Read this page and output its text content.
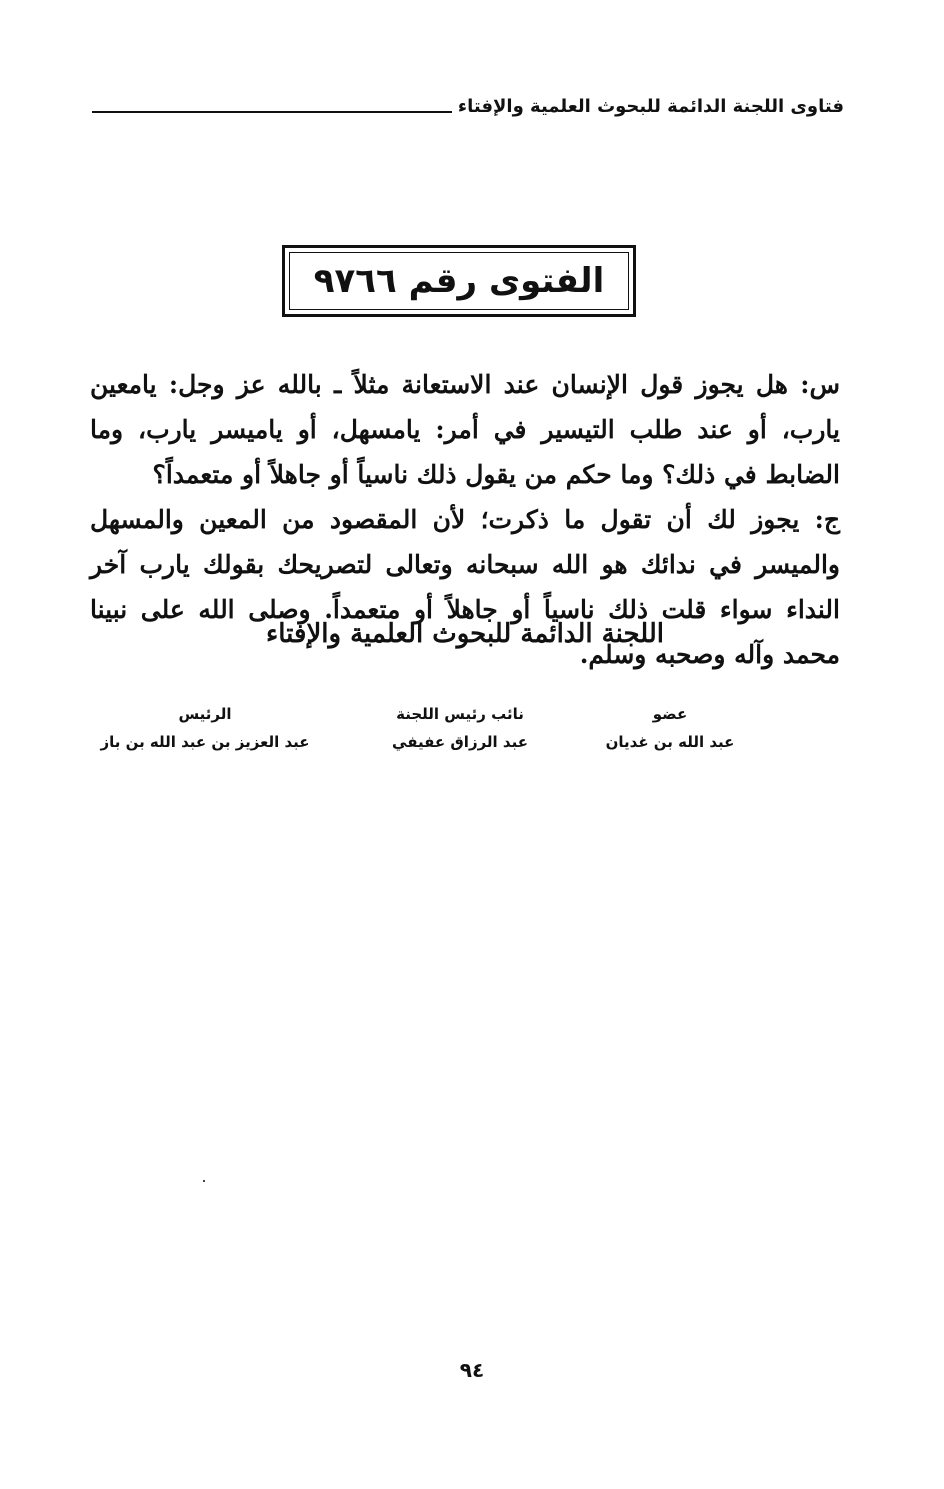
فتاوى اللجنة الدائمة للبحوث العلمية والإفتاء
الفتوى رقم ٩٧٦٦

س: هل يجوز قول الإنسان عند الاستعانة مثلاً ـ بالله عز وجل: يامعين يارب، أو عند طلب التيسير في أمر: يامسهل، أو ياميسر يارب، وما الضابط في ذلك؟ وما حكم من يقول ذلك ناسياً أو جاهلاً أو متعمداً؟

ج: يجوز لك أن تقول ما ذكرت؛ لأن المقصود من المعين والمسهل والميسر في ندائك هو الله سبحانه وتعالى لتصريحك بقولك يارب آخر النداء سواء قلت ذلك ناسياً أو جاهلاً أو متعمداً. وصلى الله على نبينا محمد وآله وصحبه وسلم.

اللجنة الدائمة للبحوث العلمية والإفتاء
عضو
عبد الله بن غديان
نائب رئيس اللجنة
عبد الرزاق عفيفي
الرئيس
عبد العزيز بن عبد الله بن باز
٩٤
